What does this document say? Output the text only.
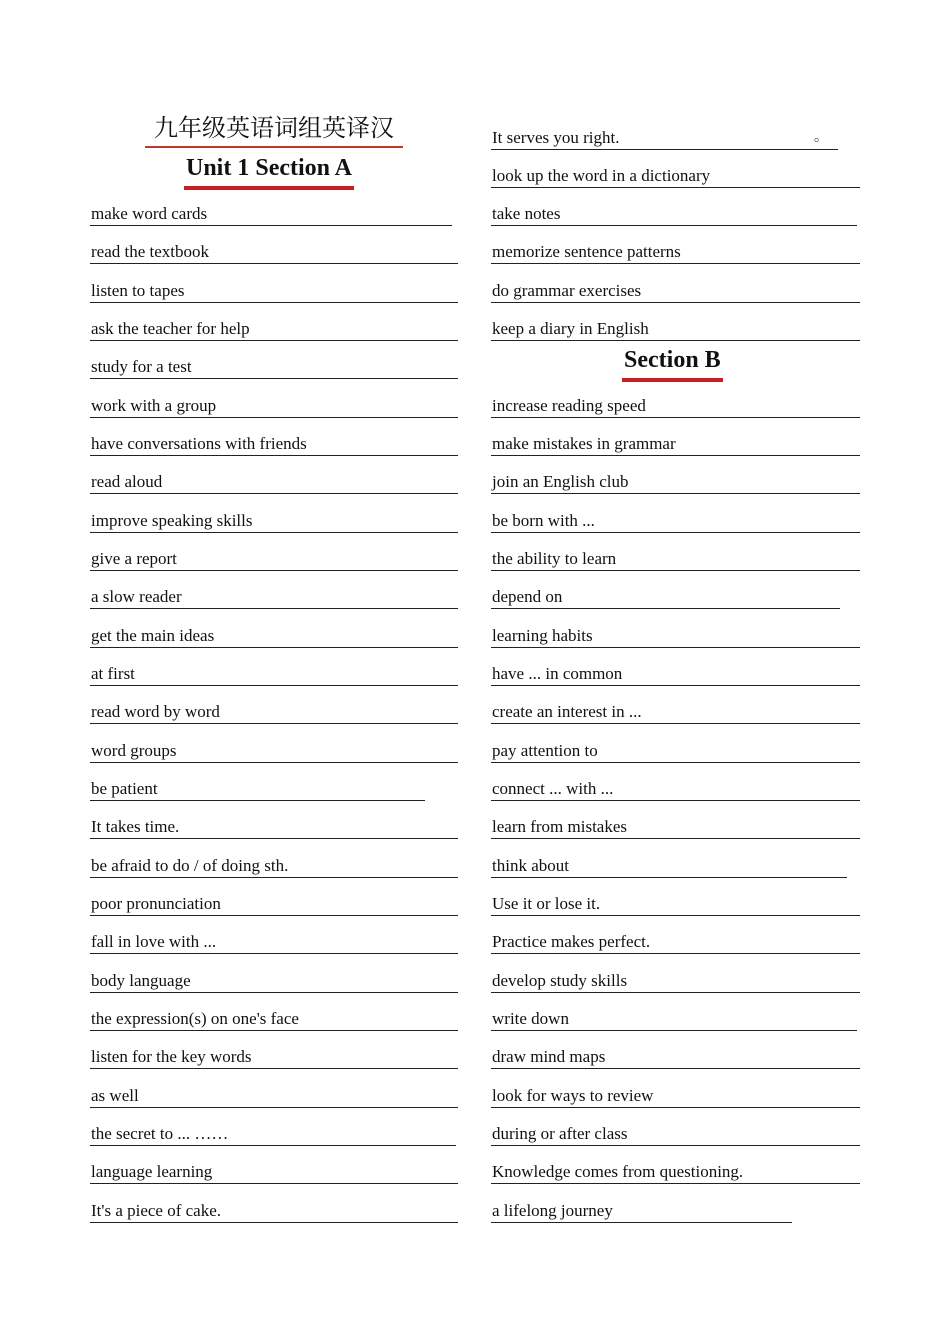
九年级英语词组英译汉
Unit 1 Section A
Section B
make word cards
read the textbook
listen to tapes
ask the teacher for help
study for a test
work with a group
have conversations with friends
read aloud
improve speaking skills
give a report
a slow reader
get the main ideas
at first
read word by word
word groups
be patient
It takes time.
be afraid to do / of doing sth.
poor pronunciation
fall in love with ...
body language
the expression(s) on one's face
listen for the key words
as well
the secret to ... ……
language learning
It's a piece of cake.
It serves you right.	。
look up the word in a dictionary
take notes
memorize sentence patterns
do grammar exercises
keep a diary in English
increase reading speed
make mistakes in grammar
join an English club
be born with ...
the ability to learn
depend on
learning habits
have ... in common
create an interest in ...
pay attention to
connect ... with ...
learn from mistakes
think about
Use it or lose it.
Practice makes perfect.
develop study skills
write down
draw mind maps
look for ways to review
during or after class
Knowledge comes from questioning.
a lifelong journey
